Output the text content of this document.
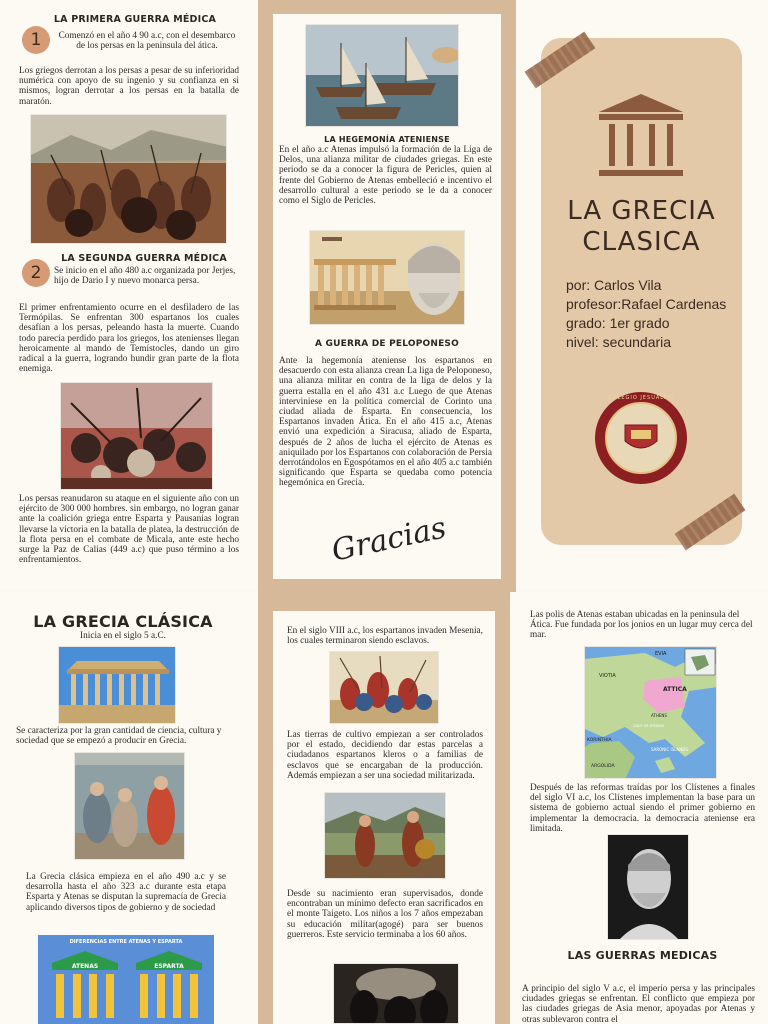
LA PRIMERA GUERRA MÉDICA
1	Comenzó en el año 4 90 a.c, con el desembarco de los persas en la peninsula del ática.
Los griegos derrotan a los persas a pesar de su inferioridad numérica con apoyo de su ingenio y su confianza en si mismos, logran derrotar a los persas en la batalla de maratón.
LA SEGUNDA GUERRA MÉDICA
2	Se inicio en el año 480 a.c organizada por Jerjes, hijo de Dario I y nuevo monarca persa.
El primer enfrentamiento ocurre en el desfiladero de las Termópilas. Se enfrentan 300 espartanos los cuales desafían a los persas, peleando hasta la muerte. Cuando todo parecía perdido para los griegos, los atenienses llegan heroicamente al mando de Temístocles, dando un giro radical a la guerra, logrando hundir gran parte de la flota enemiga.
Los persas reanudaron su ataque en el siguiente año con un ejército de 300 000 hombres. sin embargo, no logran ganar ante la coalición griega entre Esparta y Pausanias logran llevarse la victoria en la batalla de platea, la destrucción de la flota persa en el combate de Micala, ante este hecho surge la Paz de Calias (449 a.c) que puso término a los enfrentamientos.
LA HEGEMONÍA ATENIENSE
En el año a.c Atenas impulsó la formación de la Liga de Delos, una alianza militar de ciudades griegas. En este periodo se da a conocer la figura de Pericles, quien al frente del Gobierno de Atenas embelleció e incentivo el desarrollo cultural a este periodo se le da a conocer como el Siglo de Pericles.
A GUERRA DE PELOPONESO
Ante la hegemonía ateniense los espartanos en desacuerdo con esta alianza crean La liga de Peloponeso, una alianza militar en contra de la liga de delos y la guerra estalla en el año 431 a.c Luego de que Atenas interviniese en la política comercial de Corinto una ciudad aliada de Esparta. En consecuencia, los Espartanos invaden Ática. En el año 415 a.c, Atenas envió una expedición a Siracusa, aliado de Esparta, después de 2 años de lucha el ejército de Atenas es aniquilado por los Espartanos con colaboración de Persia derrotándolos en Egospótamos en el año 405 a.c también significando que Esparta se quedaba como potencia hegemónica en Grecia.
Gracias
LA GRECIA CLASICA
por: Carlos Vila
profesor:Rafael Cardenas
grado: 1er grado
nivel: secundaria
COLEGIO JESUALDO
LA GRECIA CLÁSICA
Inicia en el siglo 5 a.C.
Se caracteriza por la gran cantidad de ciencia, cultura y sociedad que se empezó a producir en Grecia.
La Grecia clásica empieza en el año 490 a.c y se desarrolla hasta el año 323 a.c durante esta etapa Esparta y Atenas se disputan la supremacía de Grecia aplicando diversos tipos de gobierno y de sociedad
DIFERENCIAS ENTRE ATENAS Y ESPARTA
ATENAS	ESPARTA
En el siglo VIII a.c, los espartanos invaden Mesenia, los cuales terminaron siendo esclavos.
Las tierras de cultivo empiezan a ser controlados por el estado, decidiendo dar estas parcelas a ciudadanos espartanos kleros o a familias de esclavos que se encargaban de la producción. Además empiezan a ser una sociedad militarizada.
Desde su nacimiento eran supervisados, donde encontraban un mínimo defecto eran sacrificados en el monte Taigeto. Los niños a los 7 años empezaban su educación militar(agogé) para ser buenos guerreros. Este servicio terminaba a los 60 años.
Las polis de Atenas estaban ubicadas en la peninsula del Ática. Fue fundada por los jonios en un lugar muy cerca del mar.
EVIA
VIOTIA
ATTICA
ATHENS
KORINTHIA
ARGOLIDA
SARONIC ISLANDS
GULF OF ATHENS
Después de las reformas traídas por los Clístenes a finales del siglo VI a.c, los Clístenes implementan la base para un sistema de gobierno actual siendo el primer gobierno en implementar la democracia. la democracia ateniense era limitada.
LAS GUERRAS MEDICAS
A principio del siglo V a.c, el imperio persa y las principales ciudades griegas se enfrentan. El conflicto que empieza por las ciudades griegas de Asia menor, apoyadas por Atenas y otras sublevaron contra el
